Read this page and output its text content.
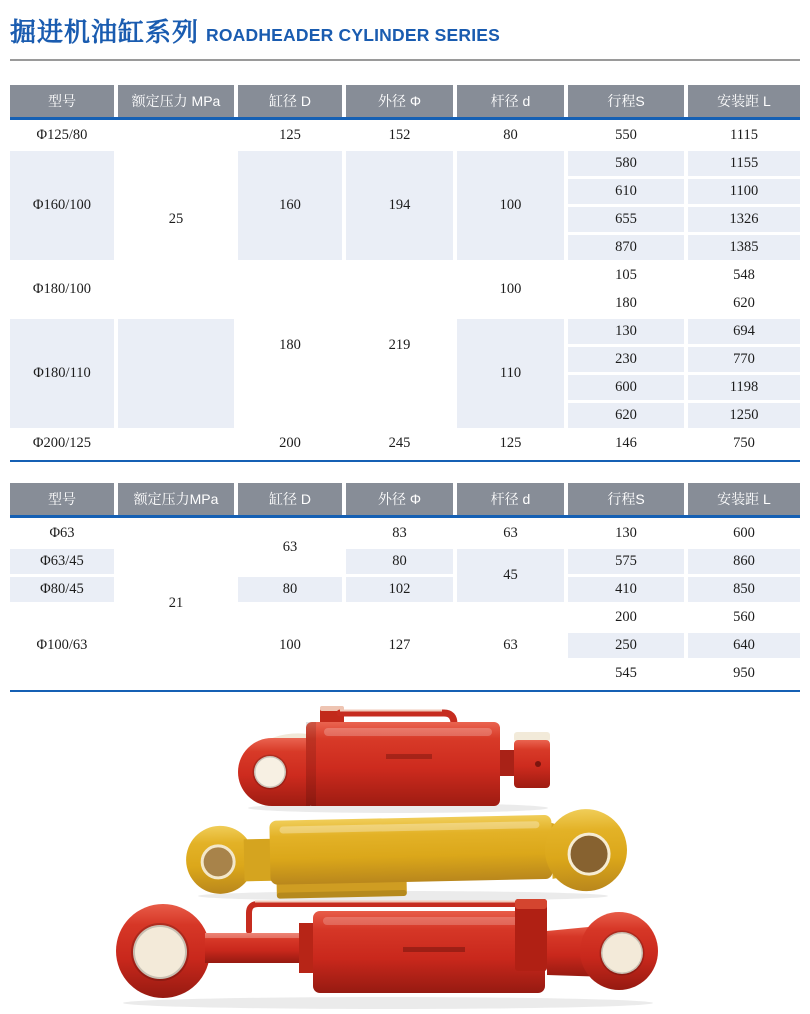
掘进机油缸系列 ROADHEADER CYLINDER SERIES
型号	额定压力 MPa	缸径 D	外径 Φ	杆径 d	行程S	安装距 L
Φ125/80	25	125	152	80	550	1115
Φ160/100		160	194	100	580	1155
					610	1100
					655	1326
					870	1385
Φ180/100		180	219	100	105	548
					180	620
Φ180/110				110	130	694
					230	770
					600	1198
					620	1250
Φ200/125		200	245	125	146	750
型号	额定压力MPa	缸径 D	外径 Φ	杆径 d	行程S	安装距 L
Φ63	21	63	83	63	130	600
Φ63/45			80	45	575	860
Φ80/45		80	102		410	850
Φ100/63		100	127	63	200	560
					250	640
					545	950
